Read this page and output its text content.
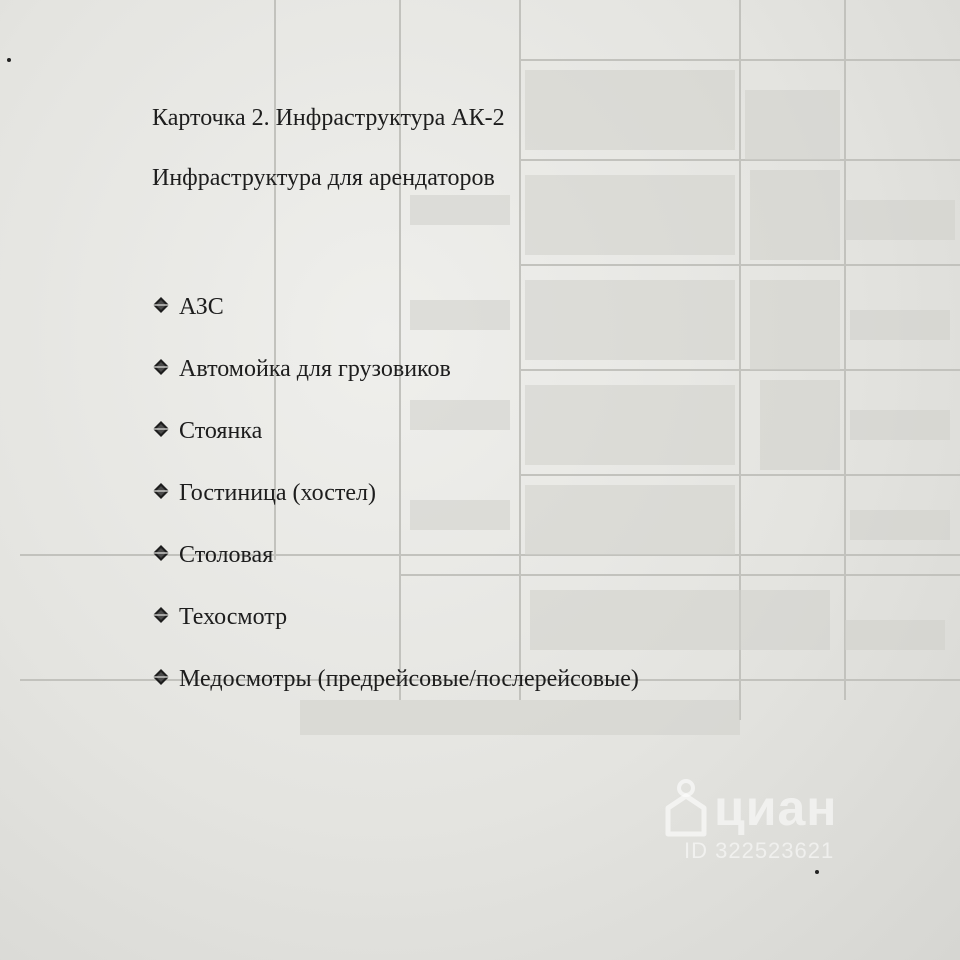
Карточка 2. Инфраструктура АК-2
Инфраструктура для арендаторов
АЗС
Автомойка для грузовиков
Стоянка
Гостиница (хостел)
Столовая
Техосмотр
Медосмотры (предрейсовые/послерейсовые)
циан
ID 322523621
